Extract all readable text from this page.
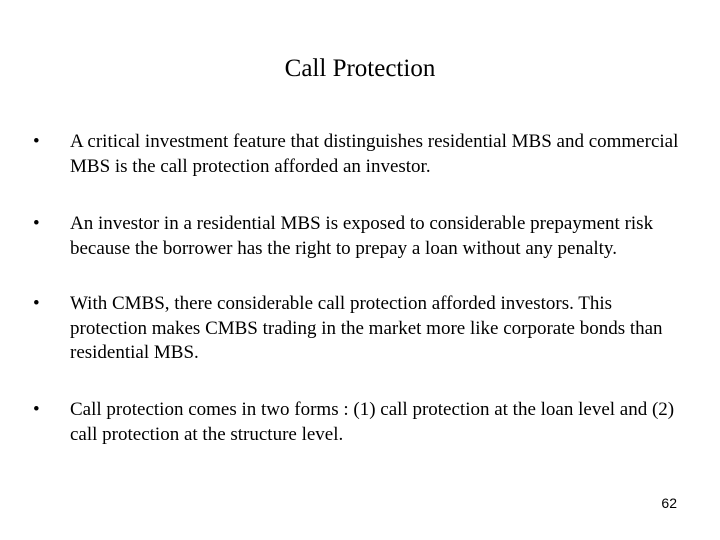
Call Protection
•	A critical investment feature that distinguishes residential MBS and commercial MBS is the call protection afforded an investor.
•	An investor in a residential MBS is exposed to considerable prepayment risk because the borrower has the right to prepay a loan without any penalty.
•	With CMBS, there considerable call protection afforded investors. This protection makes CMBS trading in the market more like corporate bonds than residential MBS.
•	Call protection comes in two forms : (1) call protection at the loan level and (2) call protection at the structure level.
62
